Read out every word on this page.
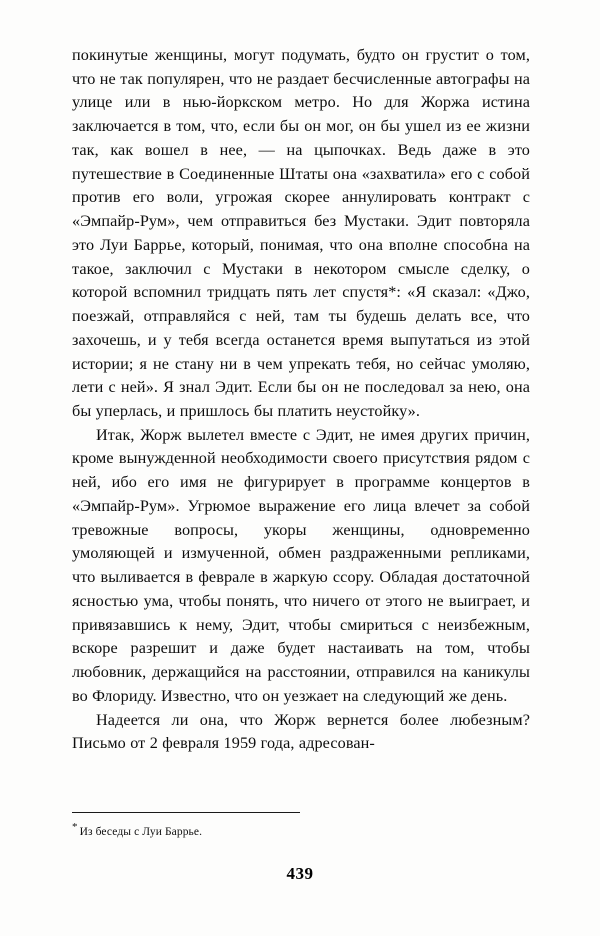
покинутые женщины, могут подумать, будто он грустит о том, что не так популярен, что не раздает бесчисленные автографы на улице или в нью-йоркском метро. Но для Жоржа истина заключается в том, что, если бы он мог, он бы ушел из ее жизни так, как вошел в нее, — на цыпочках. Ведь даже в это путешествие в Соединенные Штаты она «захватила» его с собой против его воли, угрожая скорее аннулировать контракт с «Эмпайр-Рум», чем отправиться без Мустаки. Эдит повторяла это Луи Баррье, который, понимая, что она вполне способна на такое, заключил с Мустаки в некотором смысле сделку, о которой вспомнил тридцать пять лет спустя*: «Я сказал: «Джо, поезжай, отправляйся с ней, там ты будешь делать все, что захочешь, и у тебя всегда останется время выпутаться из этой истории; я не стану ни в чем упрекать тебя, но сейчас умоляю, лети с ней». Я знал Эдит. Если бы он не последовал за нею, она бы уперлась, и пришлось бы платить неустойку».

Итак, Жорж вылетел вместе с Эдит, не имея других причин, кроме вынужденной необходимости своего присутствия рядом с ней, ибо его имя не фигурирует в программе концертов в «Эмпайр-Рум». Угрюмое выражение его лица влечет за собой тревожные вопросы, укоры женщины, одновременно умоляющей и измученной, обмен раздраженными репликами, что выливается в феврале в жаркую ссору. Обладая достаточной ясностью ума, чтобы понять, что ничего от этого не выиграет, и привязавшись к нему, Эдит, чтобы смириться с неизбежным, вскоре разрешит и даже будет настаивать на том, чтобы любовник, держащийся на расстоянии, отправился на каникулы во Флориду. Известно, что он уезжает на следующий же день.

Надеется ли она, что Жорж вернется более любезным? Письмо от 2 февраля 1959 года, адресован-

* Из беседы с Луи Баррье.
439
